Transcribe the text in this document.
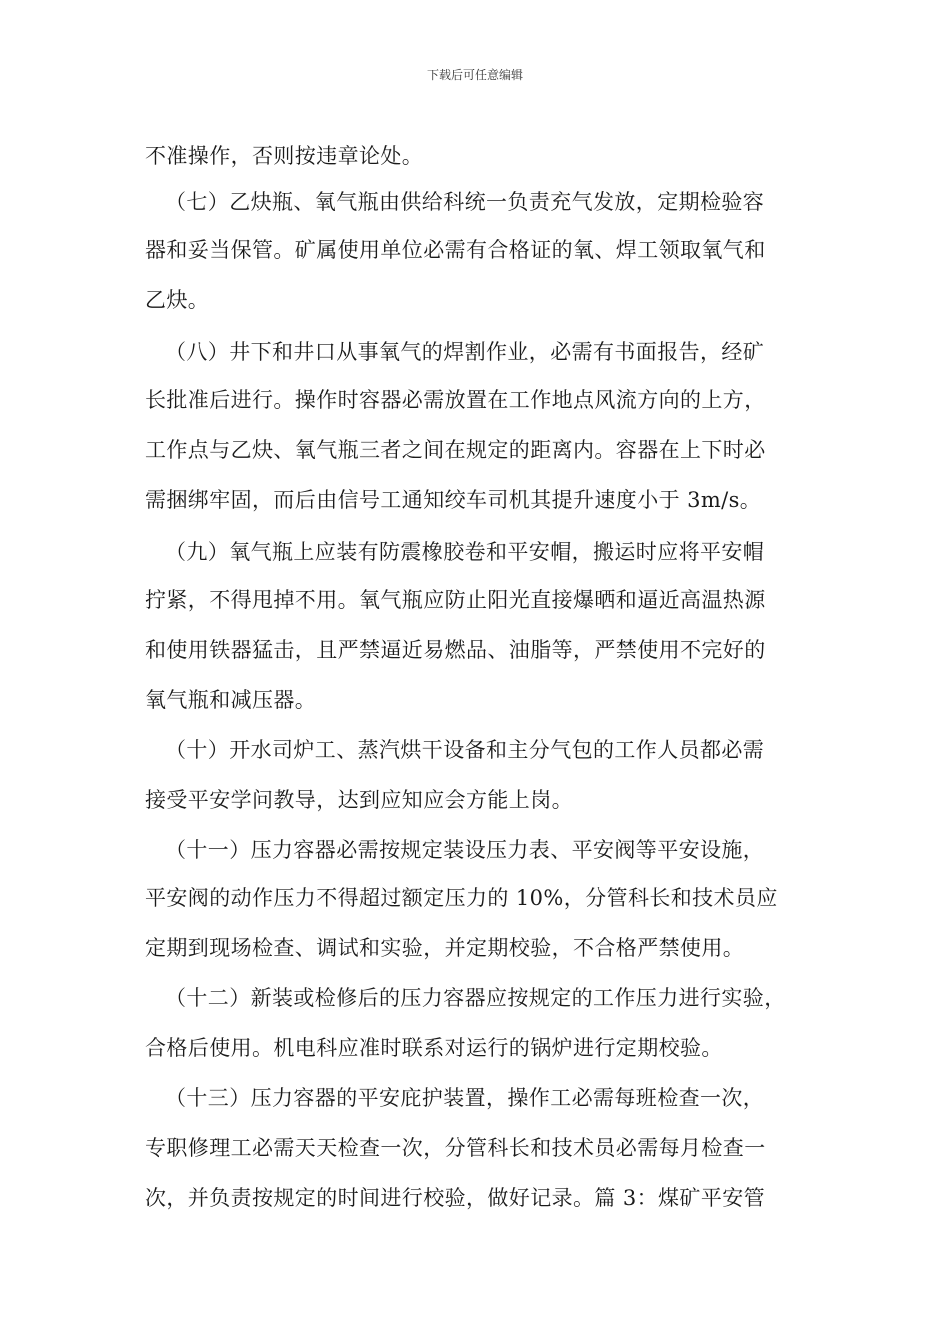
下载后可任意编辑
不准操作，否则按违章论处。
（七）乙炔瓶、氧气瓶由供给科统一负责充气发放，定期检验容
器和妥当保管。矿属使用单位必需有合格证的氧、焊工领取氧气和
乙炔。
（八）井下和井口从事氧气的焊割作业，必需有书面报告，经矿
长批准后进行。操作时容器必需放置在工作地点风流方向的上方，
工作点与乙炔、氧气瓶三者之间在规定的距离内。容器在上下时必
需捆绑牢固，而后由信号工通知绞车司机其提升速度小于 3m/s。
（九）氧气瓶上应装有防震橡胶卷和平安帽，搬运时应将平安帽
拧紧，不得甩掉不用。氧气瓶应防止阳光直接爆晒和逼近高温热源
和使用铁器猛击，且严禁逼近易燃品、油脂等，严禁使用不完好的
氧气瓶和减压器。
（十）开水司炉工、蒸汽烘干设备和主分气包的工作人员都必需
接受平安学问教导，达到应知应会方能上岗。
（十一）压力容器必需按规定装设压力表、平安阀等平安设施，
平安阀的动作压力不得超过额定压力的 10%，分管科长和技术员应
定期到现场检查、调试和实验，并定期校验，不合格严禁使用。
（十二）新装或检修后的压力容器应按规定的工作压力进行实验，
合格后使用。机电科应准时联系对运行的锅炉进行定期校验。
（十三）压力容器的平安庇护装置，操作工必需每班检查一次，
专职修理工必需天天检查一次，分管科长和技术员必需每月检查一
次，并负责按规定的时间进行校验，做好记录。篇 3：煤矿平安管
